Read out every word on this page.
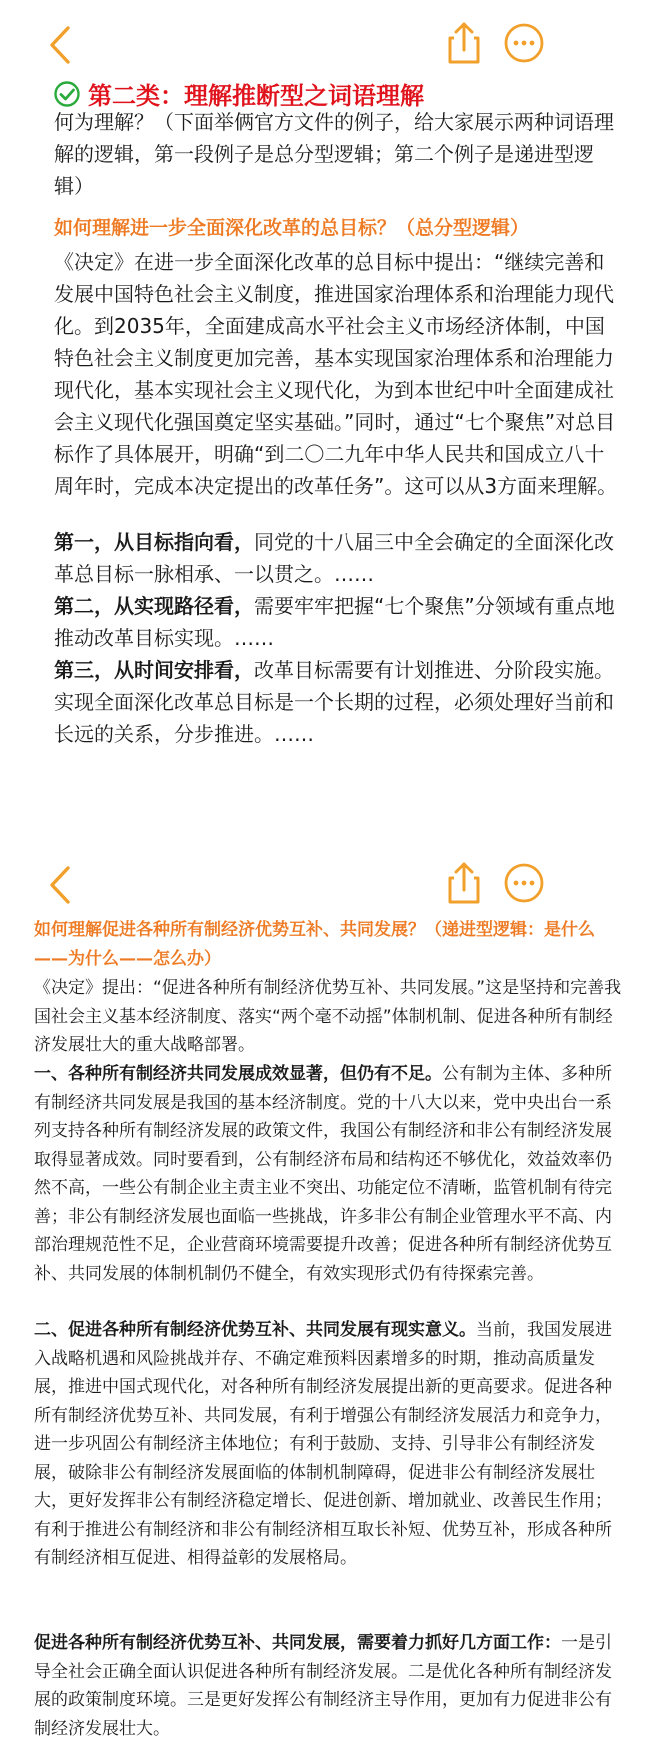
第二类：理解推断型之词语理解

何为理解？（下面举俩官方文件的例子，给大家展示两种词语理解的逻辑，第一段例子是总分型逻辑；第二个例子是递进型逻辑）

如何理解进一步全面深化改革的总目标？（总分型逻辑）

《决定》在进一步全面深化改革的总目标中提出：“继续完善和发展中国特色社会主义制度，推进国家治理体系和治理能力现代化。到2035年，全面建成高水平社会主义市场经济体制，中国特色社会主义制度更加完善，基本实现国家治理体系和治理能力现代化，基本实现社会主义现代化，为到本世纪中叶全面建成社会主义现代化强国奠定坚实基础。”同时，通过“七个聚焦”对总目标作了具体展开，明确“到二〇二九年中华人民共和国成立八十周年时，完成本决定提出的改革任务”。这可以从3方面来理解。

第一，从目标指向看，同党的十八届三中全会确定的全面深化改革总目标一脉相承、一以贯之。……

第二，从实现路径看，需要牢牢把握“七个聚焦”分领域有重点地推动改革目标实现。……

第三，从时间安排看，改革目标需要有计划推进、分阶段实施。实现全面深化改革总目标是一个长期的过程，必须处理好当前和长远的关系，分步推进。……

如何理解促进各种所有制经济优势互补、共同发展？（递进型逻辑：是什么——为什么——怎么办）

《决定》提出：“促进各种所有制经济优势互补、共同发展。”这是坚持和完善我国社会主义基本经济制度、落实“两个毫不动摇”体制机制、促进各种所有制经济发展壮大的重大战略部署。

一、各种所有制经济共同发展成效显著，但仍有不足。公有制为主体、多种所有制经济共同发展是我国的基本经济制度。党的十八大以来，党中央出台一系列支持各种所有制经济发展的政策文件，我国公有制经济和非公有制经济发展取得显著成效。同时要看到，公有制经济布局和结构还不够优化，效益效率仍然不高，一些公有制企业主责主业不突出、功能定位不清晰，监管机制有待完善；非公有制经济发展也面临一些挑战，许多非公有制企业管理水平不高、内部治理规范性不足，企业营商环境需要提升改善；促进各种所有制经济优势互补、共同发展的体制机制仍不健全，有效实现形式仍有待探索完善。

二、促进各种所有制经济优势互补、共同发展有现实意义。当前，我国发展进入战略机遇和风险挑战并存、不确定难预料因素增多的时期，推动高质量发展，推进中国式现代化，对各种所有制经济发展提出新的更高要求。促进各种所有制经济优势互补、共同发展，有利于增强公有制经济发展活力和竞争力，进一步巩固公有制经济主体地位；有利于鼓励、支持、引导非公有制经济发展，破除非公有制经济发展面临的体制机制障碍，促进非公有制经济发展壮大，更好发挥非公有制经济稳定增长、促进创新、增加就业、改善民生作用；有利于推进公有制经济和非公有制经济相互取长补短、优势互补，形成各种所有制经济相互促进、相得益彰的发展格局。

促进各种所有制经济优势互补、共同发展，需要着力抓好几方面工作：一是引导全社会正确全面认识促进各种所有制经济发展。二是优化各种所有制经济发展的政策制度环境。三是更好发挥公有制经济主导作用，更加有力促进非公有制经济发展壮大。
